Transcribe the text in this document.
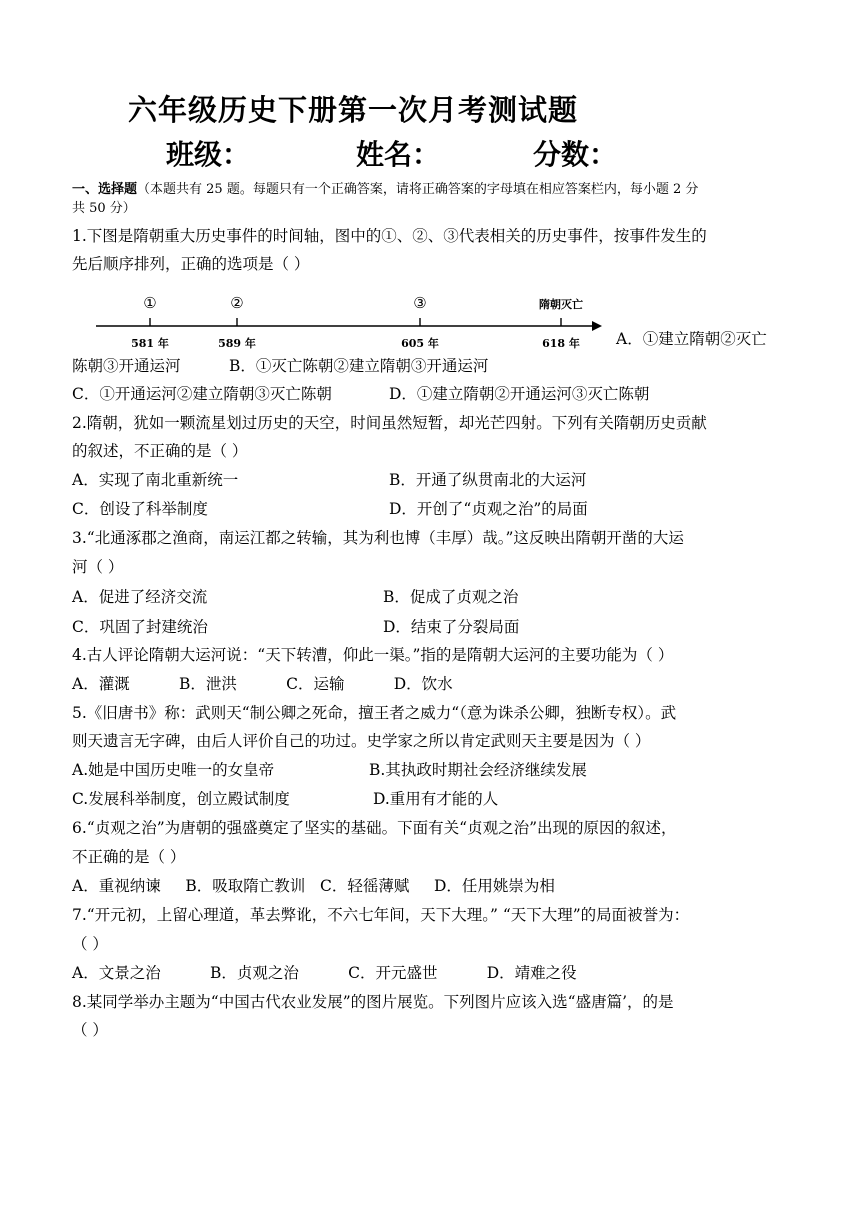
六年级历史下册第一次月考测试题
班级：	姓名：	分数：
一、选择题（本题共有 25 题。每题只有一个正确答案，请将正确答案的字母填在相应答案栏内，每小题 2 分
共 50 分）
1.下图是隋朝重大历史事件的时间轴，图中的①、②、③代表相关的历史事件，按事件发生的
先后顺序排列，正确的选项是（ ）
①	②	③	隋朝灭亡
581 年	589 年	605 年	618 年 A．①建立隋朝②灭亡
陈朝③开通运河	B．①灭亡陈朝②建立隋朝③开通运河
C．①开通运河②建立隋朝③灭亡陈朝	D．①建立隋朝②开通运河③灭亡陈朝
2.隋朝，犹如一颗流星划过历史的天空，时间虽然短暂，却光芒四射。下列有关隋朝历史贡献
的叙述，不正确的是（ ）
A．实现了南北重新统一	B．开通了纵贯南北的大运河
C．创设了科举制度	D．开创了“贞观之治”的局面
3.“北通涿郡之渔商，南运江都之转输，其为利也博（丰厚）哉。”这反映出隋朝开凿的大运
河（ ）
A．促进了经济交流	B．促成了贞观之治
C．巩固了封建统治	D．结束了分裂局面
4.古人评论隋朝大运河说：“天下转漕，仰此一渠。”指的是隋朝大运河的主要功能为（ ）
A．灌溉          B．泄洪          C．运输          D．饮水
5.《旧唐书》称：武则天“制公卿之死命，擅王者之威力“（意为诛杀公卿，独断专权）。武
则天遗言无字碑，由后人评价自己的功过。史学家之所以肯定武则天主要是因为（ ）
A.她是中国历史唯一的女皇帝	B.其执政时期社会经济继续发展
C.发展科举制度，创立殿试制度	D.重用有才能的人
6.“贞观之治”为唐朝的强盛奠定了坚实的基础。下面有关“贞观之治”出现的原因的叙述，
不正确的是（ ）
A．重视纳谏     B．吸取隋亡教训   C．轻徭薄赋     D．任用姚崇为相
7.“开元初，上留心理道，革去弊讹，不六七年间，天下大理。” “天下大理”的局面被誉为：
（ ）
A．文景之治          B．贞观之治          C．开元盛世          D．靖难之役
8.某同学举办主题为“中国古代农业发展”的图片展览。下列图片应该入选“盛唐篇’，的是
（ ）
